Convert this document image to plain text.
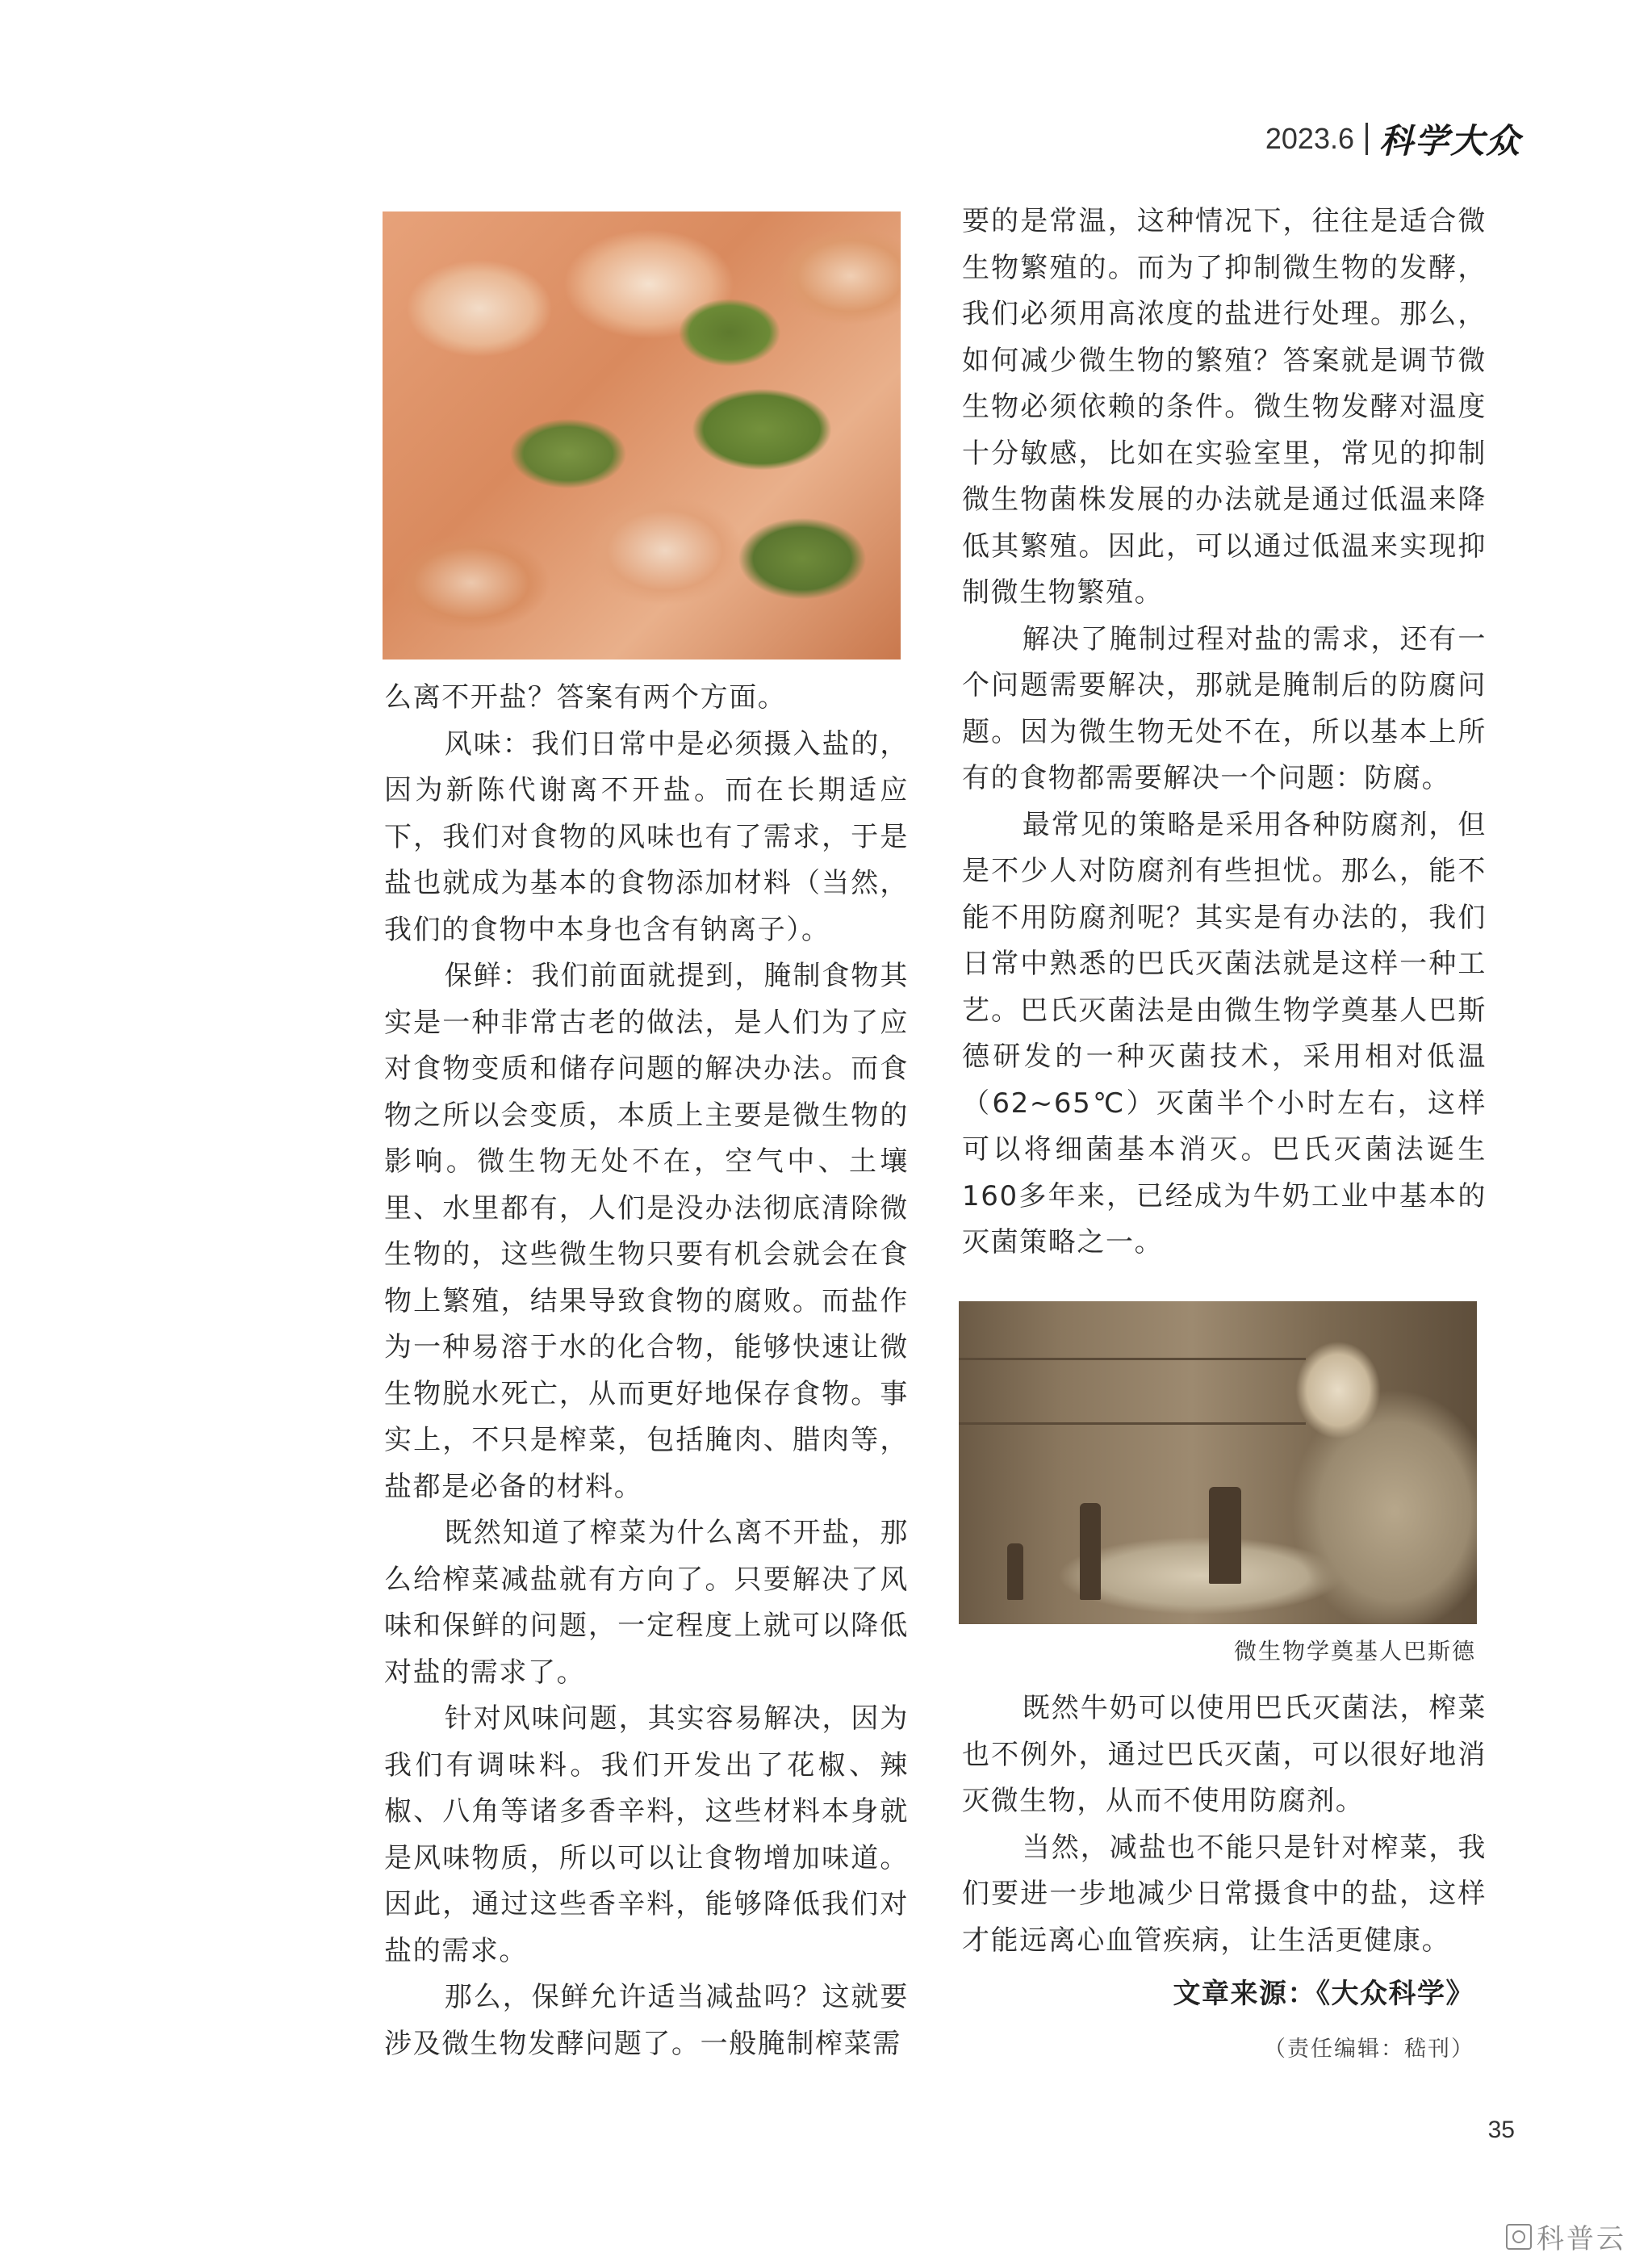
2023.6 科学大众

么离不开盐？答案有两个方面。

风味：我们日常中是必须摄入盐的，因为新陈代谢离不开盐。而在长期适应下，我们对食物的风味也有了需求，于是盐也就成为基本的食物添加材料（当然，我们的食物中本身也含有钠离子）。

保鲜：我们前面就提到，腌制食物其实是一种非常古老的做法，是人们为了应对食物变质和储存问题的解决办法。而食物之所以会变质，本质上主要是微生物的影响。微生物无处不在，空气中、土壤里、水里都有，人们是没办法彻底清除微生物的，这些微生物只要有机会就会在食物上繁殖，结果导致食物的腐败。而盐作为一种易溶于水的化合物，能够快速让微生物脱水死亡，从而更好地保存食物。事实上，不只是榨菜，包括腌肉、腊肉等，盐都是必备的材料。

既然知道了榨菜为什么离不开盐，那么给榨菜减盐就有方向了。只要解决了风味和保鲜的问题，一定程度上就可以降低对盐的需求了。

针对风味问题，其实容易解决，因为我们有调味料。我们开发出了花椒、辣椒、八角等诸多香辛料，这些材料本身就是风味物质，所以可以让食物增加味道。因此，通过这些香辛料，能够降低我们对盐的需求。

那么，保鲜允许适当减盐吗？这就要涉及微生物发酵问题了。一般腌制榨菜需

要的是常温，这种情况下，往往是适合微生物繁殖的。而为了抑制微生物的发酵，我们必须用高浓度的盐进行处理。那么，如何减少微生物的繁殖？答案就是调节微生物必须依赖的条件。微生物发酵对温度十分敏感，比如在实验室里，常见的抑制微生物菌株发展的办法就是通过低温来降低其繁殖。因此，可以通过低温来实现抑制微生物繁殖。

解决了腌制过程对盐的需求，还有一个问题需要解决，那就是腌制后的防腐问题。因为微生物无处不在，所以基本上所有的食物都需要解决一个问题：防腐。

最常见的策略是采用各种防腐剂，但是不少人对防腐剂有些担忧。那么，能不能不用防腐剂呢？其实是有办法的，我们日常中熟悉的巴氏灭菌法就是这样一种工艺。巴氏灭菌法是由微生物学奠基人巴斯德研发的一种灭菌技术，采用相对低温（62~65℃）灭菌半个小时左右，这样可以将细菌基本消灭。巴氏灭菌法诞生160多年来，已经成为牛奶工业中基本的灭菌策略之一。

微生物学奠基人巴斯德

既然牛奶可以使用巴氏灭菌法，榨菜也不例外，通过巴氏灭菌，可以很好地消灭微生物，从而不使用防腐剂。

当然，减盐也不能只是针对榨菜，我们要进一步地减少日常摄食中的盐，这样才能远离心血管疾病，让生活更健康。

文章来源：《大众科学》
（责任编辑：嵇刊）
35
科普云
